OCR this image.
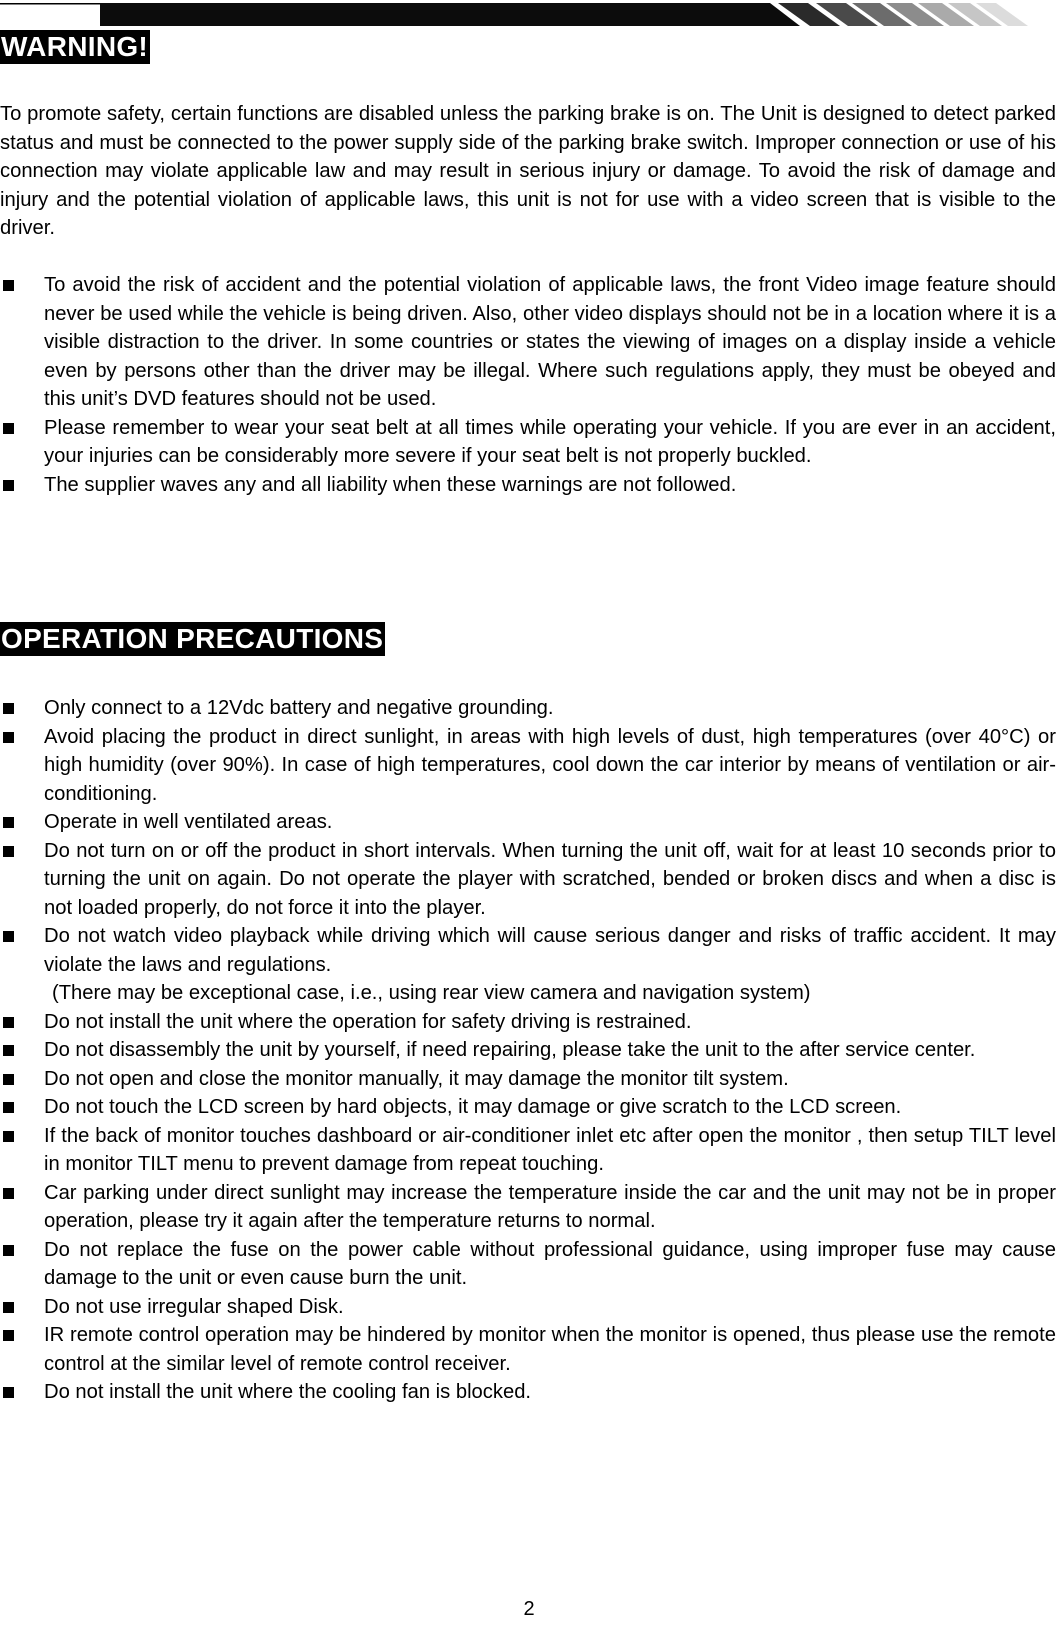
WARNING!

To promote safety, certain functions are disabled unless the parking brake is on. The Unit is designed to detect parked status and must be connected to the power supply side of the parking brake switch. Improper connection or use of his connection may violate applicable law and may result in serious injury or damage. To avoid the risk of damage and injury and the potential violation of applicable laws, this unit is not for use with a video screen that is visible to the driver.

To avoid the risk of accident and the potential violation of applicable laws, the front Video image feature should never be used while the vehicle is being driven. Also, other video displays should not be in a location where it is a visible distraction to the driver. In some countries or states the viewing of images on a display inside a vehicle even by persons other than the driver may be illegal. Where such regulations apply, they must be obeyed and this unit’s DVD features should not be used.
Please remember to wear your seat belt at all times while operating your vehicle. If you are ever in an accident, your injuries can be considerably more severe if your seat belt is not properly buckled.
The supplier waves any and all liability when these warnings are not followed.
OPERATION PRECAUTIONS
Only connect to a 12Vdc battery and negative grounding.
Avoid placing the product in direct sunlight, in areas with high levels of dust, high temperatures (over 40°C) or high humidity (over 90%). In case of high temperatures, cool down the car interior by means of ventilation or air-conditioning.
Operate in well ventilated areas.
Do not turn on or off the product in short intervals. When turning the unit off, wait for at least 10 seconds prior to turning the unit on again. Do not operate the player with scratched, bended or broken discs and when a disc is not loaded properly, do not force it into the player.
Do not watch video playback while driving which will cause serious danger and risks of traffic accident. It may violate the laws and regulations.
(There may be exceptional case, i.e., using rear view camera and navigation system)
Do not install the unit where the operation for safety driving is restrained.
Do not disassembly the unit by yourself, if need repairing, please take the unit to the after service center.
Do not open and close the monitor manually, it may damage the monitor tilt system.
Do not touch the LCD screen by hard objects, it may damage or give scratch to the LCD screen.
If the back of monitor touches dashboard or air-conditioner inlet etc after open the monitor , then setup TILT level in monitor TILT menu to prevent damage from repeat touching.
Car parking under direct sunlight may increase the temperature inside the car and the unit may not be in proper operation, please try it again after the temperature returns to normal.
Do not replace the fuse on the power cable without professional guidance, using improper fuse may cause damage to the unit or even cause burn the unit.
Do not use irregular shaped Disk.
IR remote control operation may be hindered by monitor when the monitor is opened, thus please use the remote control at the similar level of remote control receiver.
Do not install the unit where the cooling fan is blocked.
2
